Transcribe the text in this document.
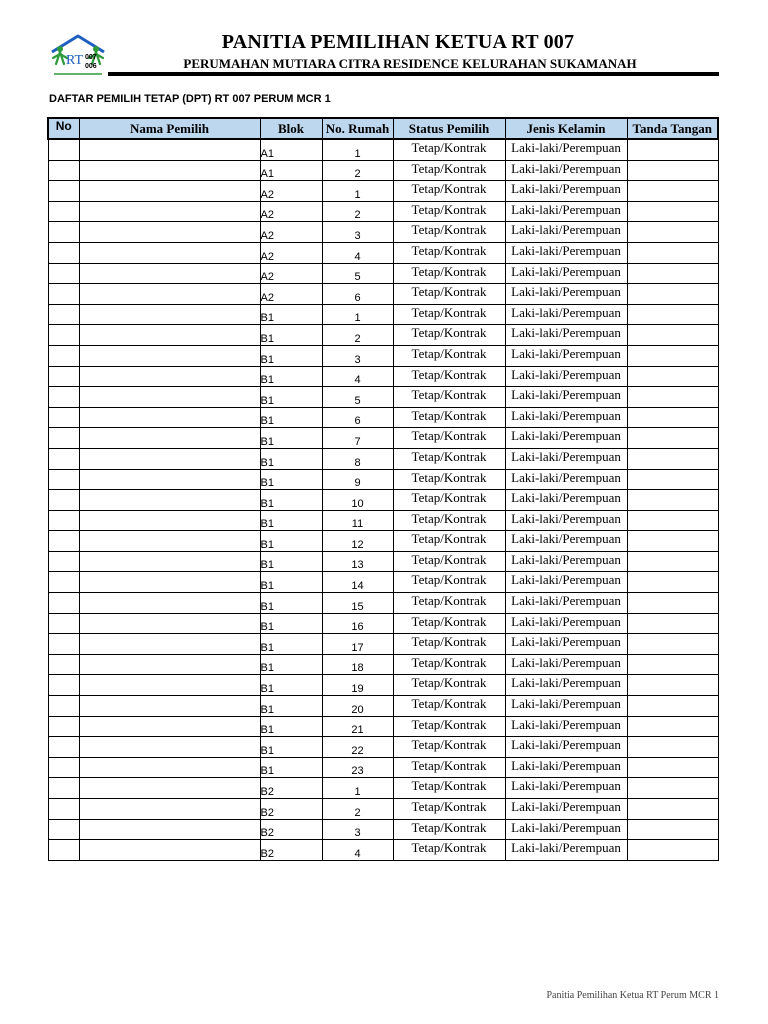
RT 007
006
PANITIA PEMILIHAN KETUA RT 007
PERUMAHAN MUTIARA CITRA RESIDENCE KELURAHAN SUKAMANAH
DAFTAR PEMILIH TETAP (DPT) RT 007 PERUM MCR 1
No	Nama Pemilih	Blok	No. Rumah	Status Pemilih	Jenis Kelamin	Tanda Tangan
		A1	1	Tetap/Kontrak	Laki-laki/Perempuan	
		A1	2	Tetap/Kontrak	Laki-laki/Perempuan	
		A2	1	Tetap/Kontrak	Laki-laki/Perempuan	
		A2	2	Tetap/Kontrak	Laki-laki/Perempuan	
		A2	3	Tetap/Kontrak	Laki-laki/Perempuan	
		A2	4	Tetap/Kontrak	Laki-laki/Perempuan	
		A2	5	Tetap/Kontrak	Laki-laki/Perempuan	
		A2	6	Tetap/Kontrak	Laki-laki/Perempuan	
		B1	1	Tetap/Kontrak	Laki-laki/Perempuan	
		B1	2	Tetap/Kontrak	Laki-laki/Perempuan	
		B1	3	Tetap/Kontrak	Laki-laki/Perempuan	
		B1	4	Tetap/Kontrak	Laki-laki/Perempuan	
		B1	5	Tetap/Kontrak	Laki-laki/Perempuan	
		B1	6	Tetap/Kontrak	Laki-laki/Perempuan	
		B1	7	Tetap/Kontrak	Laki-laki/Perempuan	
		B1	8	Tetap/Kontrak	Laki-laki/Perempuan	
		B1	9	Tetap/Kontrak	Laki-laki/Perempuan	
		B1	10	Tetap/Kontrak	Laki-laki/Perempuan	
		B1	11	Tetap/Kontrak	Laki-laki/Perempuan	
		B1	12	Tetap/Kontrak	Laki-laki/Perempuan	
		B1	13	Tetap/Kontrak	Laki-laki/Perempuan	
		B1	14	Tetap/Kontrak	Laki-laki/Perempuan	
		B1	15	Tetap/Kontrak	Laki-laki/Perempuan	
		B1	16	Tetap/Kontrak	Laki-laki/Perempuan	
		B1	17	Tetap/Kontrak	Laki-laki/Perempuan	
		B1	18	Tetap/Kontrak	Laki-laki/Perempuan	
		B1	19	Tetap/Kontrak	Laki-laki/Perempuan	
		B1	20	Tetap/Kontrak	Laki-laki/Perempuan	
		B1	21	Tetap/Kontrak	Laki-laki/Perempuan	
		B1	22	Tetap/Kontrak	Laki-laki/Perempuan	
		B1	23	Tetap/Kontrak	Laki-laki/Perempuan	
		B2	1	Tetap/Kontrak	Laki-laki/Perempuan	
		B2	2	Tetap/Kontrak	Laki-laki/Perempuan	
		B2	3	Tetap/Kontrak	Laki-laki/Perempuan	
		B2	4	Tetap/Kontrak	Laki-laki/Perempuan	
Panitia Pemilihan Ketua RT Perum MCR 1
